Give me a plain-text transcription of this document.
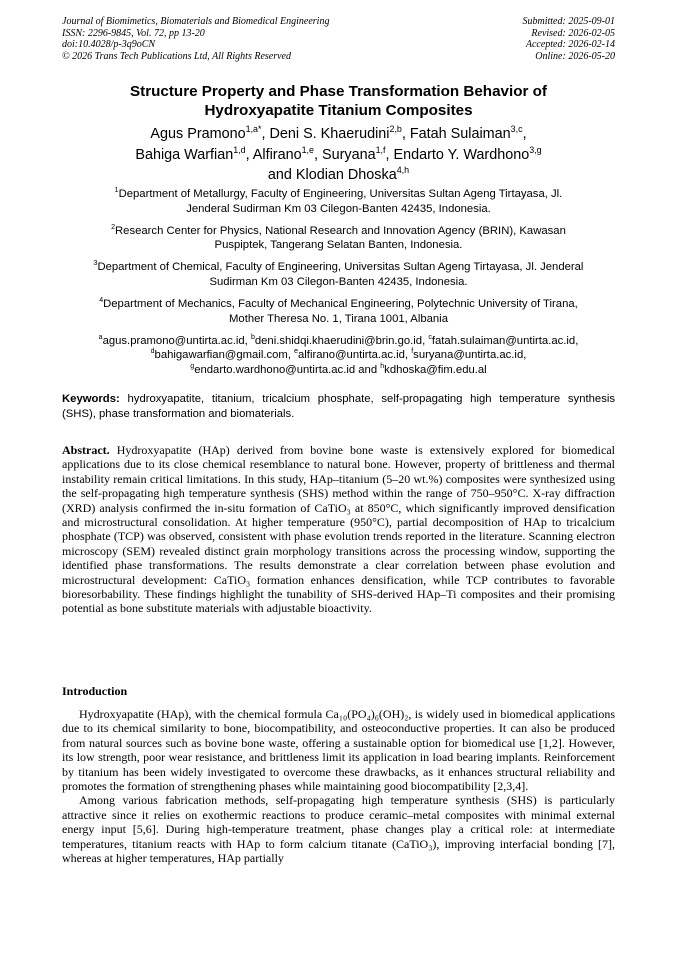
Journal of Biomimetics, Biomaterials and Biomedical Engineering
ISSN: 2296-9845, Vol. 72, pp 13-20
doi:10.4028/p-3q9oCN
© 2026 Trans Tech Publications Ltd, All Rights Reserved
Submitted: 2025-09-01
Revised: 2026-02-05
Accepted: 2026-02-14
Online: 2026-05-20
Structure Property and Phase Transformation Behavior of
Hydroxyapatite Titanium Composites
Agus Pramono$^{1,a*}$, Deni S. Khaerudini$^{2,b}$, Fatah Sulaiman$^{3,c}$,
Bahiga Warfian$^{1,d}$, Alfirano$^{1,e}$, Suryana$^{1,f}$, Endarto Y. Wardhono$^{3,g}$
and Klodian Dhoska$^{4,h}$
$^1$Department of Metallurgy, Faculty of Engineering, Universitas Sultan Ageng Tirtayasa, Jl.
Jenderal Sudirman Km 03 Cilegon-Banten 42435, Indonesia.
$^2$Research Center for Physics, National Research and Innovation Agency (BRIN), Kawasan
Puspiptek, Tangerang Selatan Banten, Indonesia.
$^3$Department of Chemical, Faculty of Engineering, Universitas Sultan Ageng Tirtayasa, Jl. Jenderal
Sudirman Km 03 Cilegon-Banten 42435, Indonesia.
$^4$Department of Mechanics, Faculty of Mechanical Engineering, Polytechnic University of Tirana,
Mother Theresa No. 1, Tirana 1001, Albania
$^a$agus.pramono@untirta.ac.id, $^b$deni.shidqi.khaerudini@brin.go.id, $^c$fatah.sulaiman@untirta.ac.id,
$^d$bahigawarfian@gmail.com, $^e$alfirano@untirta.ac.id, $^f$suryana@untirta.ac.id,
$^g$endarto.wardhono@untirta.ac.id and $^h$kdhoska@fim.edu.al
Keywords: hydroxyapatite, titanium, tricalcium phosphate, self-propagating high temperature synthesis (SHS), phase transformation and biomaterials.
Abstract. Hydroxyapatite (HAp) derived from bovine bone waste is extensively explored for biomedical applications due to its close chemical resemblance to natural bone. However, property of brittleness and thermal instability remain critical limitations. In this study, HAp–titanium (5–20 wt.%) composites were synthesized using the self-propagating high temperature synthesis (SHS) method within the range of 750–950°C. X-ray diffraction (XRD) analysis confirmed the in-situ formation of CaTiO₃ at 850°C, which significantly improved densification and microstructural consolidation. At higher temperature (950°C), partial decomposition of HAp to tricalcium phosphate (TCP) was observed, consistent with phase evolution trends reported in the literature. Scanning electron microscopy (SEM) revealed distinct grain morphology transitions across the processing window, supporting the identified phase transformations. The results demonstrate a clear correlation between phase evolution and microstructural development: CaTiO₃ formation enhances densification, while TCP contributes to favorable bioresorbability. These findings highlight the tunability of SHS-derived HAp–Ti composites and their promising potential as bone substitute materials with adjustable bioactivity.
Introduction

Hydroxyapatite (HAp), with the chemical formula Ca₁₀(PO₄)₆(OH)₂, is widely used in biomedical applications due to its chemical similarity to bone, biocompatibility, and osteoconductive properties. It can also be produced from natural sources such as bovine bone waste, offering a sustainable option for biomedical use [1,2]. However, its low strength, poor wear resistance, and brittleness limit its application in load bearing implants. Reinforcement by titanium has been widely investigated to overcome these drawbacks, as it enhances structural reliability and promotes the formation of strengthening phases while maintaining good biocompatibility [2,3,4].

Among various fabrication methods, self-propagating high temperature synthesis (SHS) is particularly attractive since it relies on exothermic reactions to produce ceramic–metal composites with minimal external energy input [5,6]. During high-temperature treatment, phase changes play a critical role: at intermediate temperatures, titanium reacts with HAp to form calcium titanate (CaTiO₃), improving interfacial bonding [7], whereas at higher temperatures, HAp partially
